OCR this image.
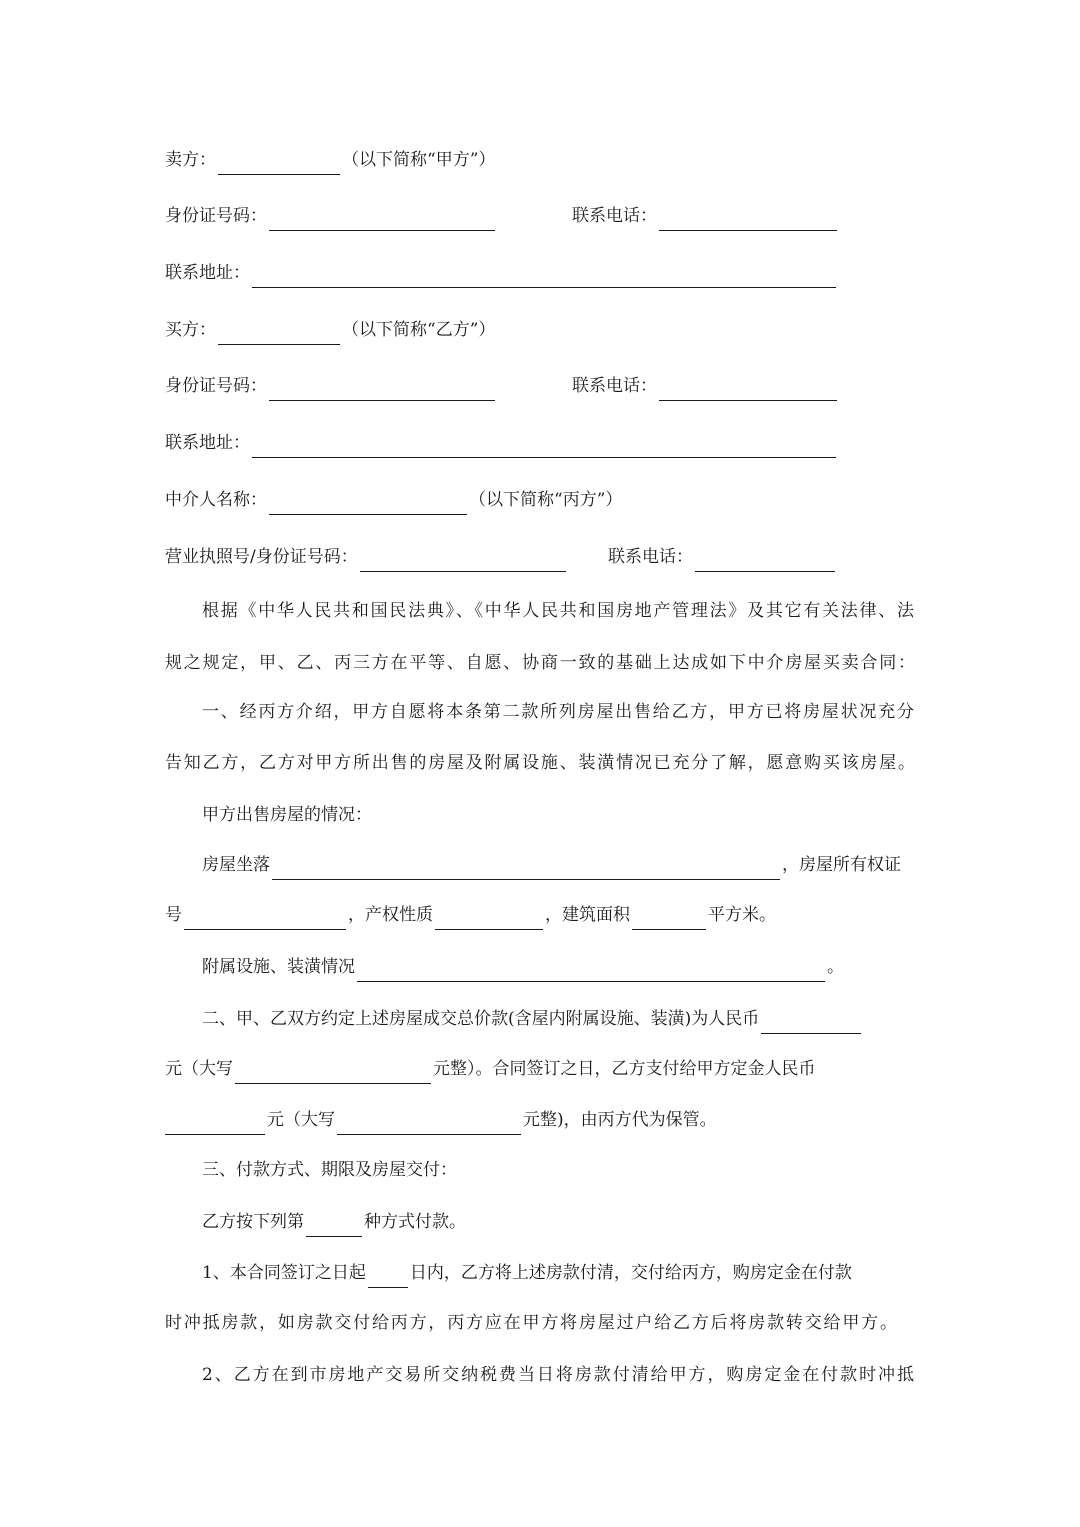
卖方：	（以下简称“甲方”）
身份证号码：	联系电话：
联系地址：
买方：	（以下简称“乙方”）
身份证号码：	联系电话：
联系地址：
中介人名称：	（以下简称“丙方”）
营业执照号/身份证号码：	联系电话：
根据《中华人民共和国民法典》、《中华人民共和国房地产管理法》及其它有关法律、法
规之规定，甲、乙、丙三方在平等、自愿、协商一致的基础上达成如下中介房屋买卖合同：
一、经丙方介绍，甲方自愿将本条第二款所列房屋出售给乙方，甲方已将房屋状况充分
告知乙方，乙方对甲方所出售的房屋及附属设施、装潢情况已充分了解，愿意购买该房屋。
甲方出售房屋的情况：
房屋坐落	，房屋所有权证
号	，产权性质	，建筑面积	平方米。
附属设施、装潢情况	。
二、甲、乙双方约定上述房屋成交总价款(含屋内附属设施、装潢)为人民币
元（大写	元整）。合同签订之日，乙方支付给甲方定金人民币
元（大写	元整)，由丙方代为保管。
三、付款方式、期限及房屋交付：
乙方按下列第	种方式付款。
1、本合同签订之日起	日内，乙方将上述房款付清，交付给丙方，购房定金在付款
时冲抵房款，如房款交付给丙方，丙方应在甲方将房屋过户给乙方后将房款转交给甲方。
2、乙方在到市房地产交易所交纳税费当日将房款付清给甲方，购房定金在付款时冲抵
